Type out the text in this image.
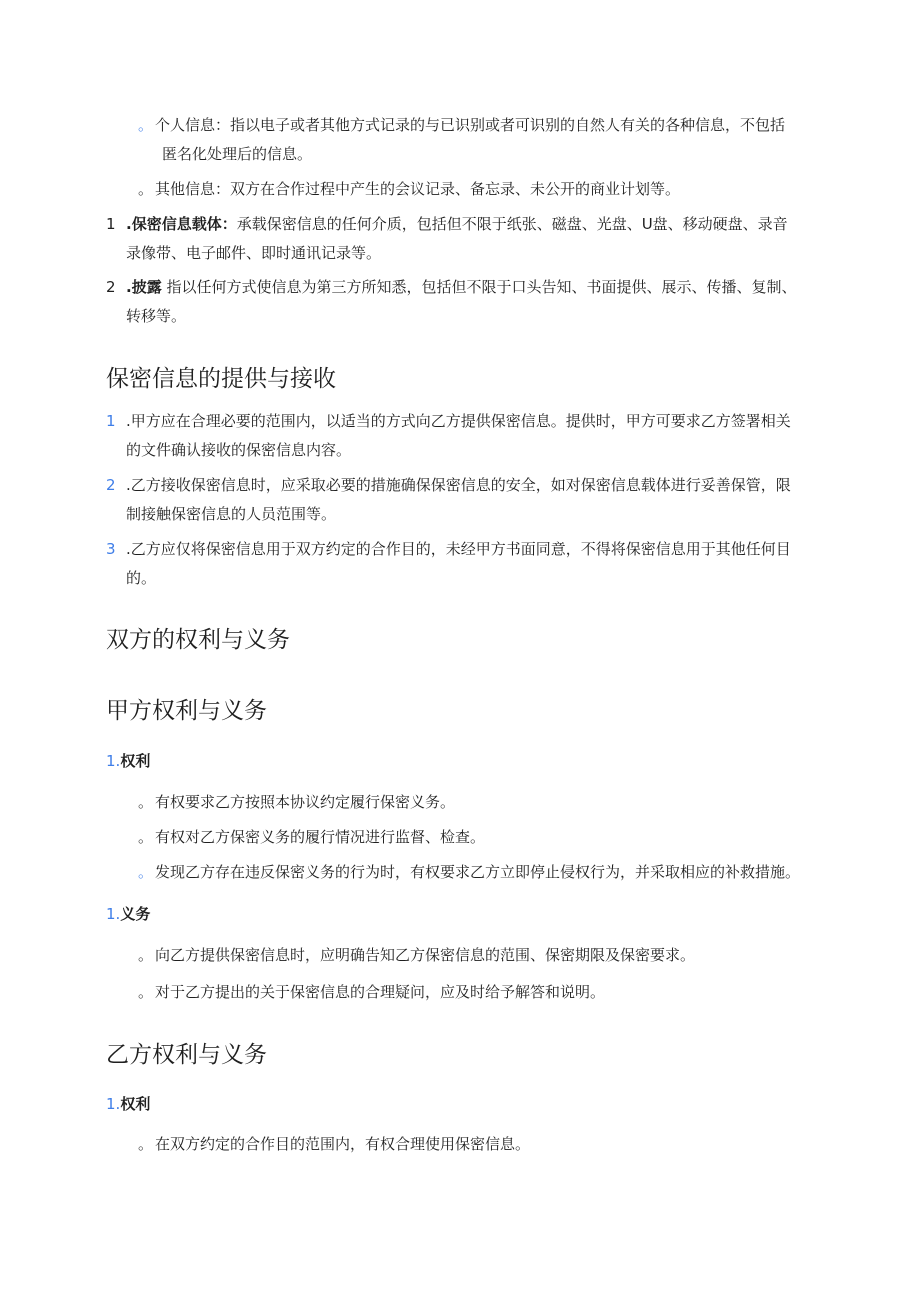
。 个人信息：指以电子或者其他方式记录的与已识别或者可识别的自然人有关的各种信息，不包括
匿名化处理后的信息。
。 其他信息：双方在合作过程中产生的会议记录、备忘录、未公开的商业计划等。
1 .保密信息载体：承载保密信息的任何介质，包括但不限于纸张、磁盘、光盘、U盘、移动硬盘、录音
录像带、电子邮件、即时通讯记录等。
2 .披露 指以任何方式使信息为第三方所知悉，包括但不限于口头告知、书面提供、展示、传播、复制、
转移等。
保密信息的提供与接收
1 .甲方应在合理必要的范围内，以适当的方式向乙方提供保密信息。提供时，甲方可要求乙方签署相关
的文件确认接收的保密信息内容。
2 .乙方接收保密信息时，应采取必要的措施确保保密信息的安全，如对保密信息载体进行妥善保管，限
制接触保密信息的人员范围等。
3 .乙方应仅将保密信息用于双方约定的合作目的，未经甲方书面同意，不得将保密信息用于其他任何目
的。
双方的权利与义务
甲方权利与义务
1.权利
。 有权要求乙方按照本协议约定履行保密义务。
。 有权对乙方保密义务的履行情况进行监督、检查。
。 发现乙方存在违反保密义务的行为时，有权要求乙方立即停止侵权行为，并采取相应的补救措施。
1.义务
。 向乙方提供保密信息时，应明确告知乙方保密信息的范围、保密期限及保密要求。
。 对于乙方提出的关于保密信息的合理疑问，应及时给予解答和说明。
乙方权利与义务
1.权利
。 在双方约定的合作目的范围内，有权合理使用保密信息。
